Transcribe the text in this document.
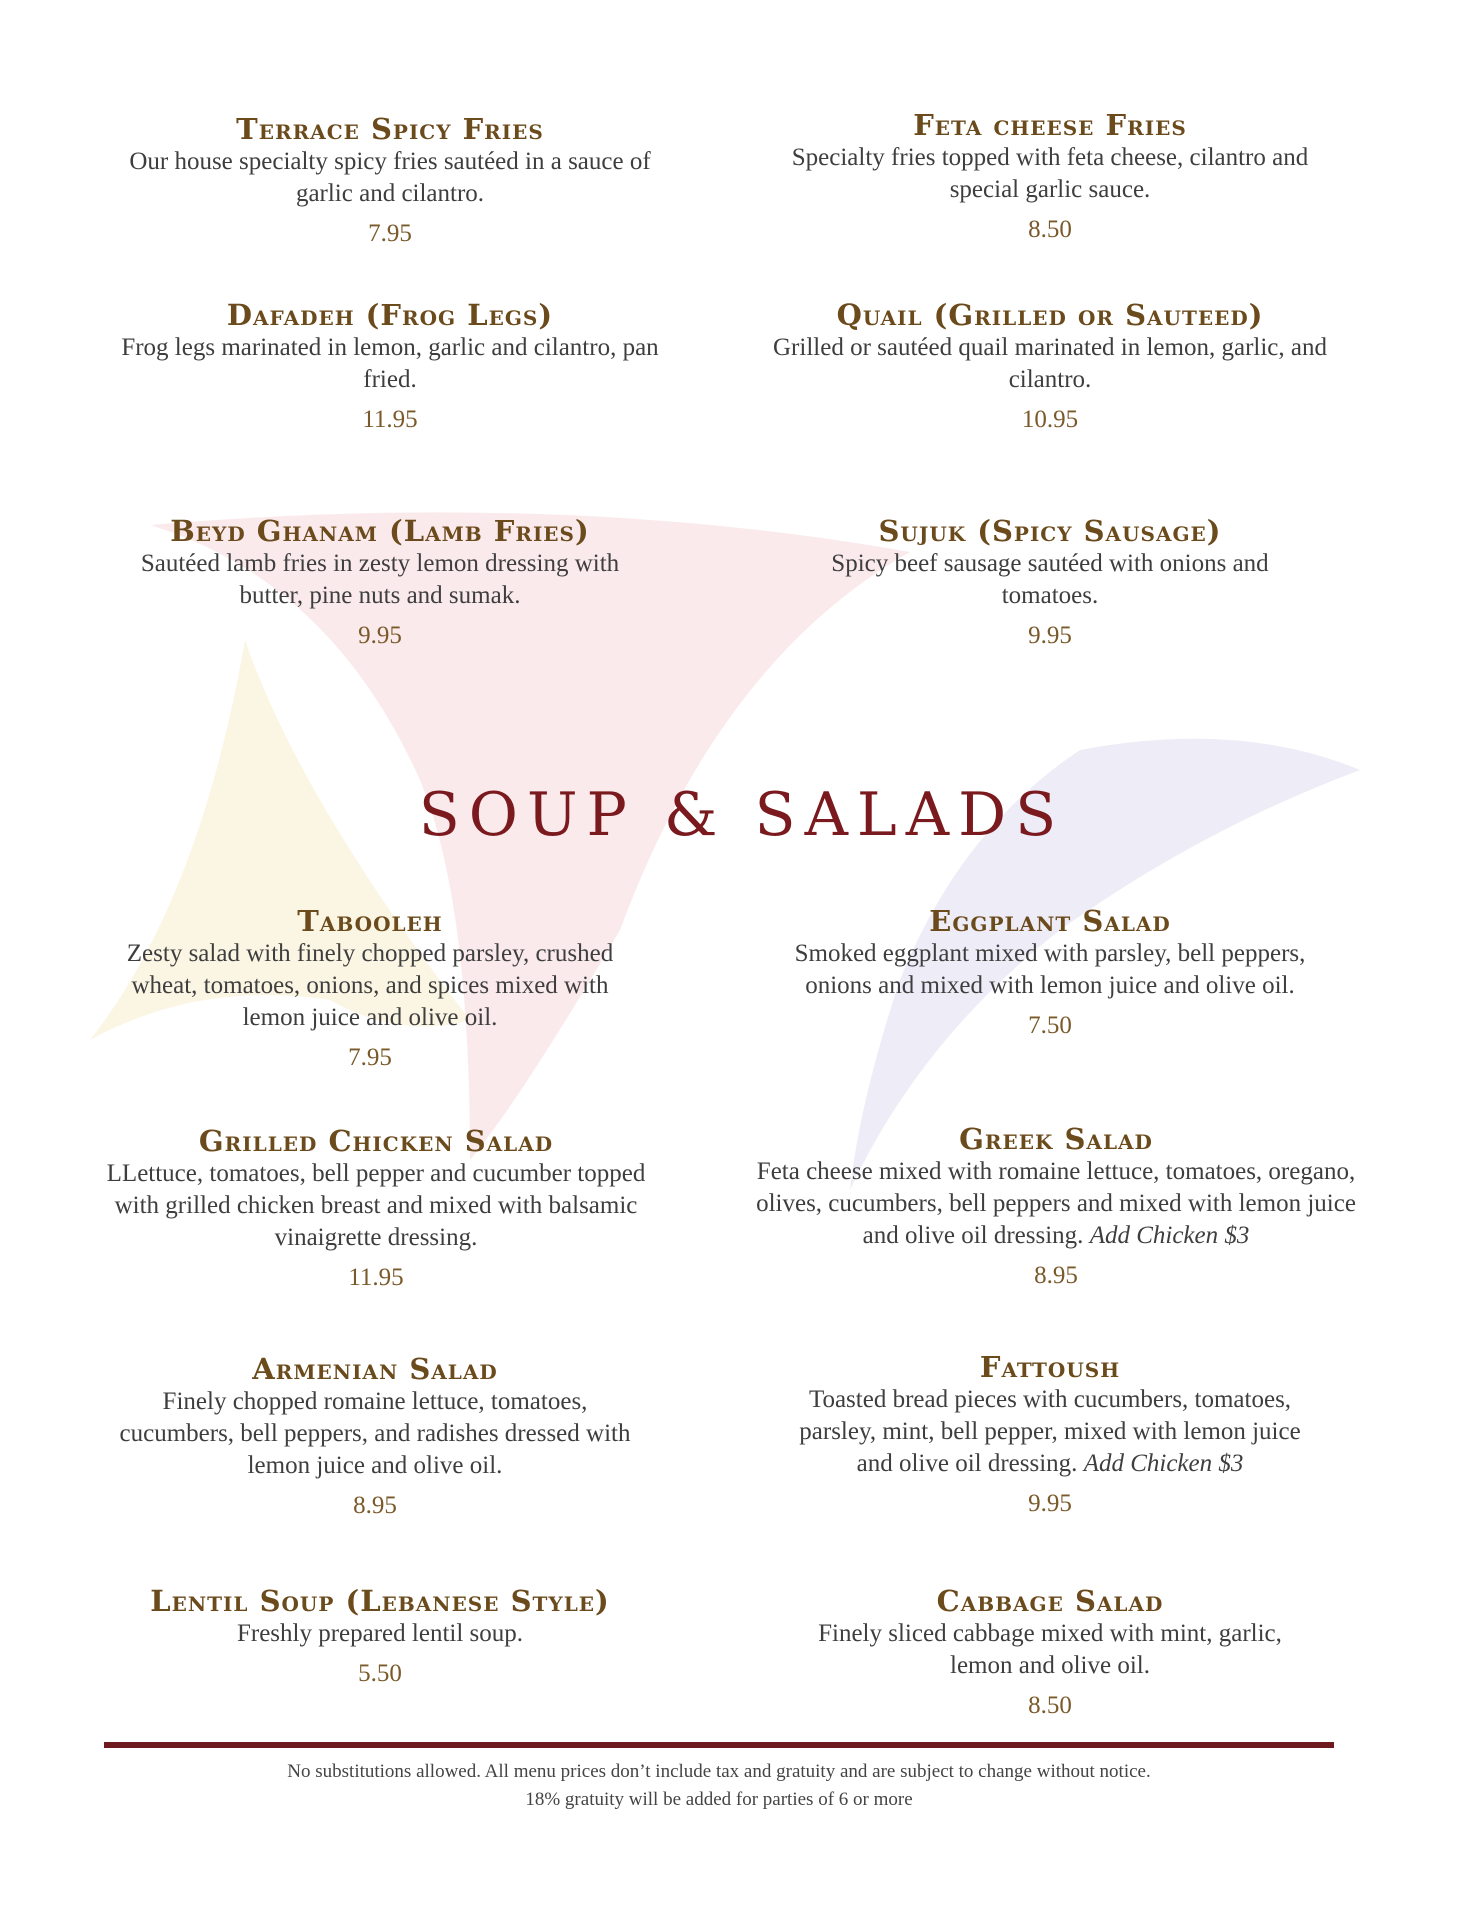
Terrace Spicy Fries
Our house specialty spicy fries sautéed in a sauce of garlic and cilantro.
7.95
Feta cheese Fries
Specialty fries topped with feta cheese, cilantro and special garlic sauce.
8.50
Dafadeh (Frog Legs)
Frog legs marinated in lemon, garlic and cilantro, pan fried.
11.95
Quail (Grilled or Sauteed)
Grilled or sautéed quail marinated in lemon, garlic, and cilantro.
10.95
Beyd Ghanam (Lamb Fries)
Sautéed lamb fries in zesty lemon dressing with butter, pine nuts and sumak.
9.95
Sujuk (Spicy Sausage)
Spicy beef sausage sautéed with onions and tomatoes.
9.95
SOUP & SALADS
Tabooleh
Zesty salad with finely chopped parsley, crushed wheat, tomatoes, onions, and spices mixed with lemon juice and olive oil.
7.95
Eggplant Salad
Smoked eggplant mixed with parsley, bell peppers, onions and mixed with lemon juice and olive oil.
7.50
Grilled Chicken Salad
LLettuce, tomatoes, bell pepper and cucumber topped with grilled chicken breast and mixed with balsamic vinaigrette dressing.
11.95
Greek Salad
Feta cheese mixed with romaine lettuce, tomatoes, oregano, olives, cucumbers, bell peppers and mixed with lemon juice and olive oil dressing. Add Chicken $3
8.95
Armenian Salad
Finely chopped romaine lettuce, tomatoes, cucumbers, bell peppers, and radishes dressed with lemon juice and olive oil.
8.95
Fattoush
Toasted bread pieces with cucumbers, tomatoes, parsley, mint, bell pepper, mixed with lemon juice and olive oil dressing. Add Chicken $3
9.95
Lentil Soup (Lebanese Style)
Freshly prepared lentil soup.
5.50
Cabbage Salad
Finely sliced cabbage mixed with mint, garlic, lemon and olive oil.
8.50
No substitutions allowed. All menu prices don’t include tax and gratuity and are subject to change without notice.
18% gratuity will be added for parties of 6 or more
